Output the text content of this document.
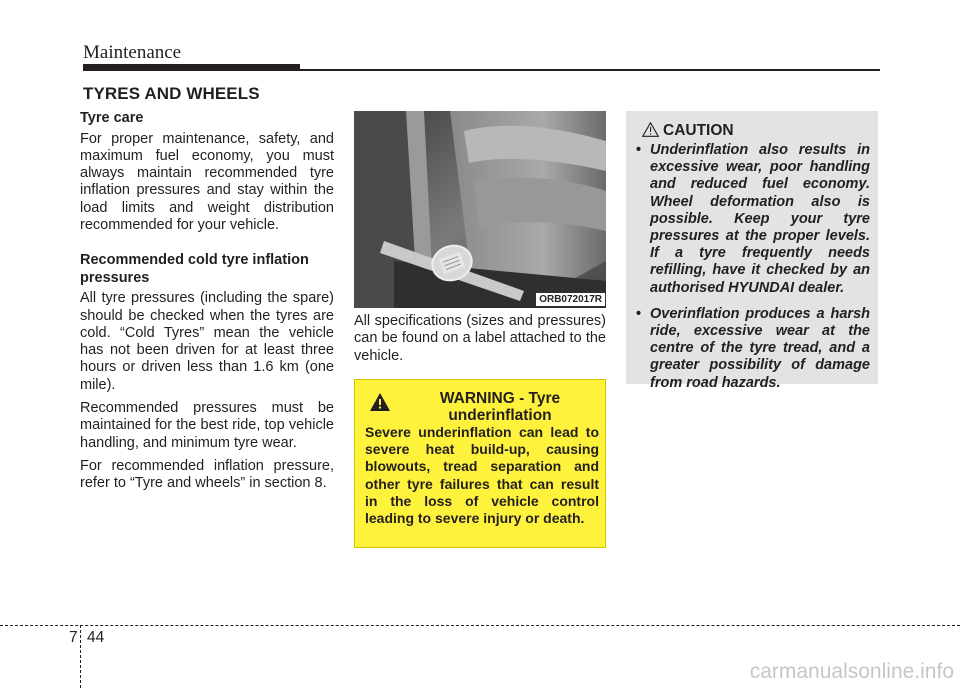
Maintenance
TYRES AND WHEELS
Tyre care
For proper maintenance, safety, and maximum fuel economy, you must always maintain recommended tyre inflation pressures and stay within the load limits and weight distribution recommended for your vehicle.
Recommended cold tyre inflation pressures
All tyre pressures (including the spare) should be checked when the tyres are cold. “Cold Tyres” mean the vehicle has not been driven for at least three hours or driven less than 1.6 km (one mile).
Recommended pressures must be maintained for the best ride, top vehicle handling, and minimum tyre wear.
For recommended inflation pressure, refer to “Tyre and wheels” in section 8.
ORB072017R
All specifications (sizes and pressures) can be found on a label attached to the vehicle.
WARNING - Tyre underinflation
Severe underinflation can lead to severe heat build-up, causing blowouts, tread separation and other tyre failures that can result in the loss of vehicle control leading to severe injury or death.
CAUTION
• Underinflation also results in excessive wear, poor handling and reduced fuel economy. Wheel deformation also is possible. Keep your tyre pressures at the proper levels. If a tyre frequently needs refilling, have it checked by an authorised HYUNDAI dealer.
• Overinflation produces a harsh ride, excessive wear at the centre of the tyre tread, and a greater possibility of damage from road hazards.
7 44
carmanualsonline.info
